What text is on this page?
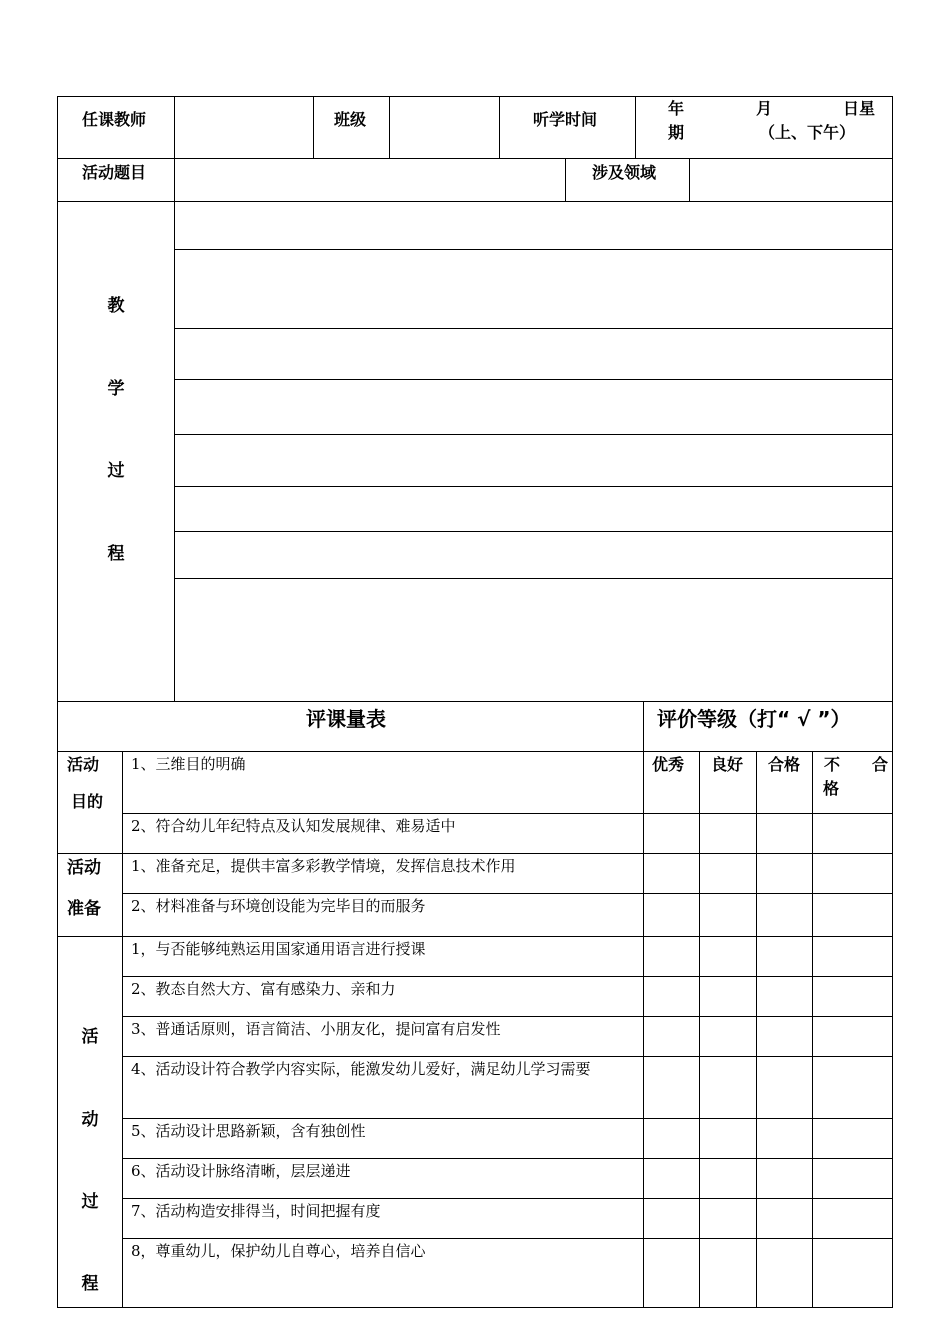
任课教师	班级	听学时间
年	月	日星
期	（上、下午）
活动题目	涉及领域
教
学
过
程
评课量表	评价等级（打“ √ ”）
优秀 良好 合格 不　　合
格
活动
目的
1、三维目的明确
2、符合幼儿年纪特点及认知发展规律、难易适中
活动
准备
1、准备充足，提供丰富多彩教学情境，发挥信息技术作用
2、材料准备与环境创设能为完毕目的而服务
活
动
过
程
1，与否能够纯熟运用国家通用语言进行授课
2、教态自然大方、富有感染力、亲和力
3、普通话原则，语言简洁、小朋友化，提问富有启发性
4、活动设计符合教学内容实际，能激发幼儿爱好，满足幼儿学习需要
5、活动设计思路新颖，含有独创性
6、活动设计脉络清晰，层层递进
7、活动构造安排得当，时间把握有度
8，尊重幼儿，保护幼儿自尊心，培养自信心
